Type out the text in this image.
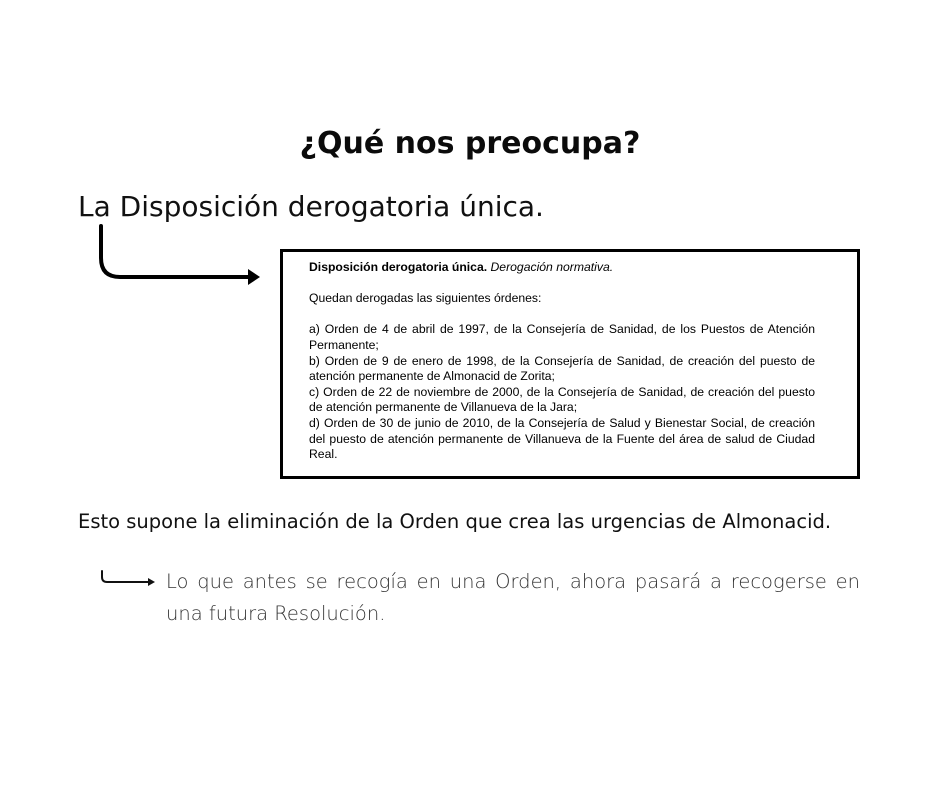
¿Qué nos preocupa?
La Disposición derogatoria única.
Disposición derogatoria única. Derogación normativa.
Quedan derogadas las siguientes órdenes:

a) Orden de 4 de abril de 1997, de la Consejería de Sanidad, de los Puestos de Atención Permanente;

b) Orden de 9 de enero de 1998, de la Consejería de Sanidad, de creación del puesto de atención permanente de Almonacid de Zorita;

c) Orden de 22 de noviembre de 2000, de la Consejería de Sanidad, de creación del puesto de atención permanente de Villanueva de la Jara;

d) Orden de 30 de junio de 2010, de la Consejería de Salud y Bienestar Social, de creación del puesto de atención permanente de Villanueva de la Fuente del área de salud de Ciudad Real.

Esto supone la eliminación de la Orden que crea las urgencias de Almonacid.
Lo que antes se recogía en una Orden, ahora pasará a recogerse en una futura Resolución.
